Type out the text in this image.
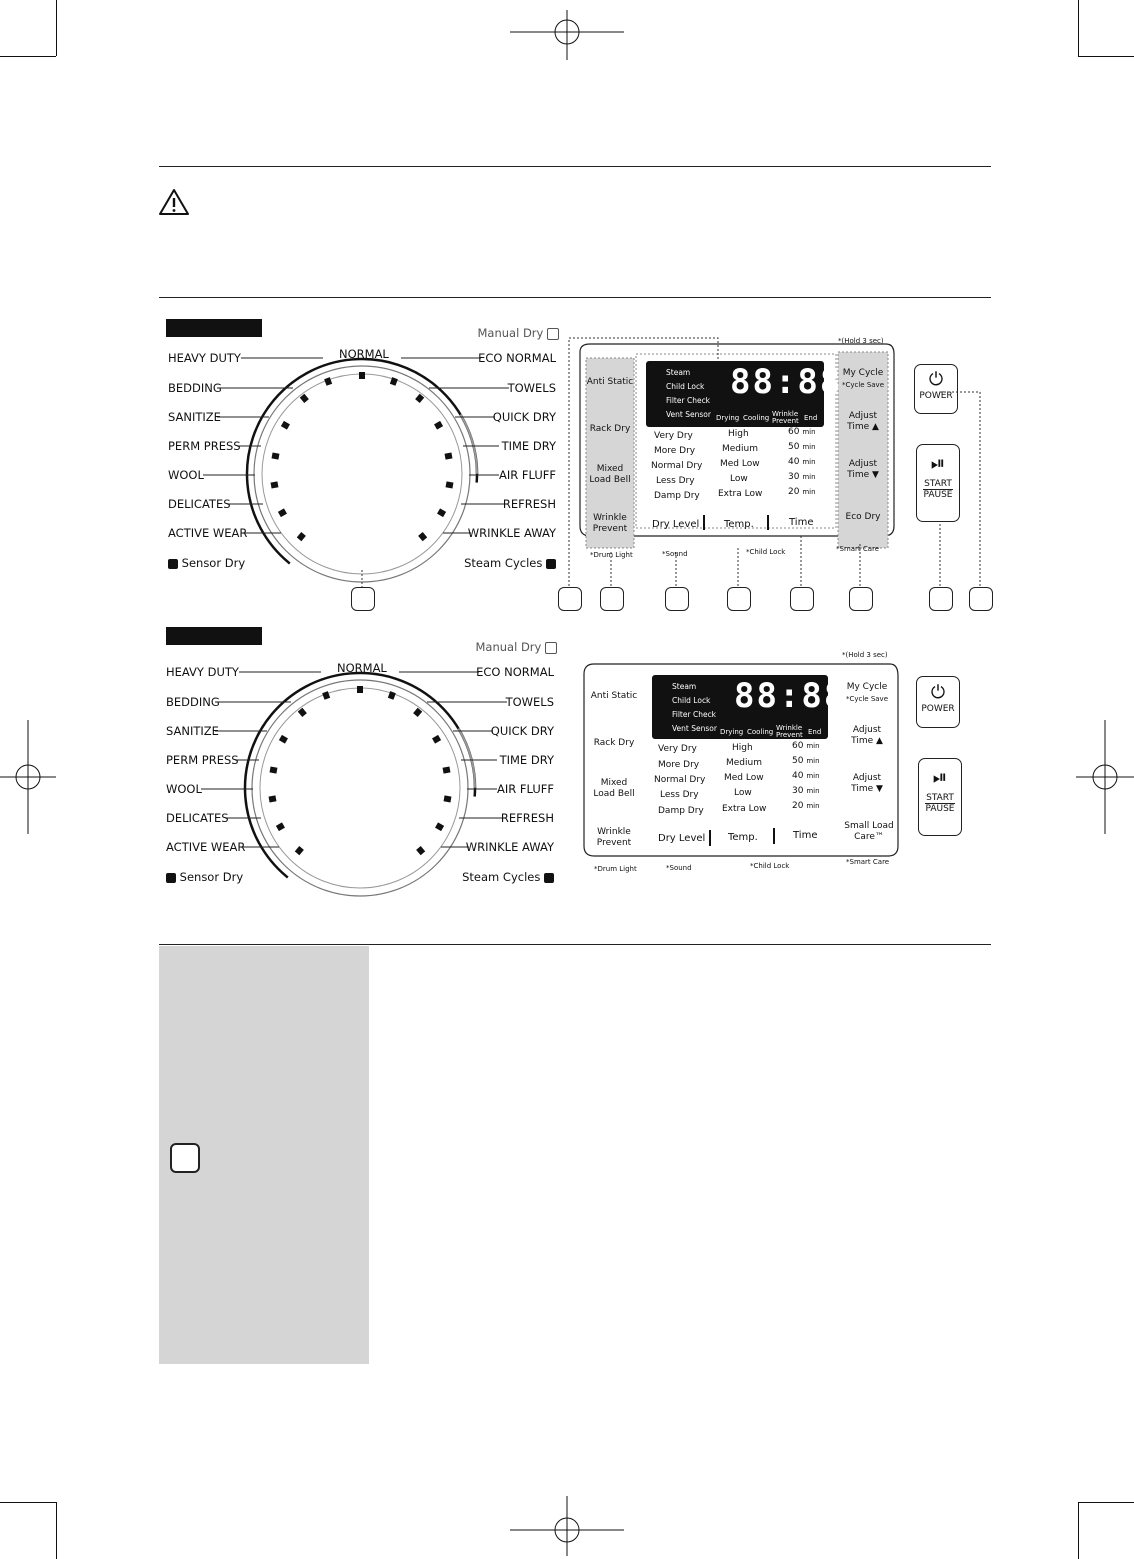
NORMAL
HEAVY DUTY
BEDDING
SANITIZE
PERM PRESS
WOOL
DELICATES
ACTIVE WEAR
ECO NORMAL
TOWELS
QUICK DRY
TIME DRY
AIR FLUFF
REFRESH
WRINKLE AWAY
Manual Dry
Sensor Dry	Steam Cycles
88:88
Steam
Child Lock
Filter Check
Vent Sensor Drying Cooling Wrinkle Prevent End
Very Dry
More Dry
Normal Dry
Less Dry
Damp Dry
High
Medium
Med Low
Low
Extra Low
60 min
50 min
40 min
30 min
20 min
Dry Level Temp.	Time
Anti Static
Rack Dry
Mixed Load Bell
Wrinkle Prevent
*Drum Light	*Sound	*Child Lock	*Smart Care
*(Hold 3 sec)
My Cycle
*Cycle Save
Adjust Time ▲
Adjust Time ▼
Eco Dry
⏻
POWER
⏯
START
PAUSE
NORMAL
HEAVY DUTY
BEDDING
SANITIZE
PERM PRESS
WOOL
DELICATES
ACTIVE WEAR
ECO NORMAL
TOWELS
QUICK DRY
TIME DRY
AIR FLUFF
REFRESH
WRINKLE AWAY
Manual Dry
Sensor Dry	Steam Cycles
88:88
Steam
Child Lock
Filter Check
Vent Sensor Drying Cooling Wrinkle Prevent End
Very Dry
More Dry
Normal Dry
Less Dry
Damp Dry
High
Medium
Med Low
Low
Extra Low
60 min
50 min
40 min
30 min
20 min
Dry Level Temp.	Time
Anti Static
Rack Dry
Mixed Load Bell
Wrinkle Prevent
*Drum Light	*Sound	*Child Lock	*Smart Care
*(Hold 3 sec)
My Cycle
*Cycle Save
Adjust Time ▲
Adjust Time ▼
Small Load Care™
⏻
POWER
⏯
START
PAUSE
